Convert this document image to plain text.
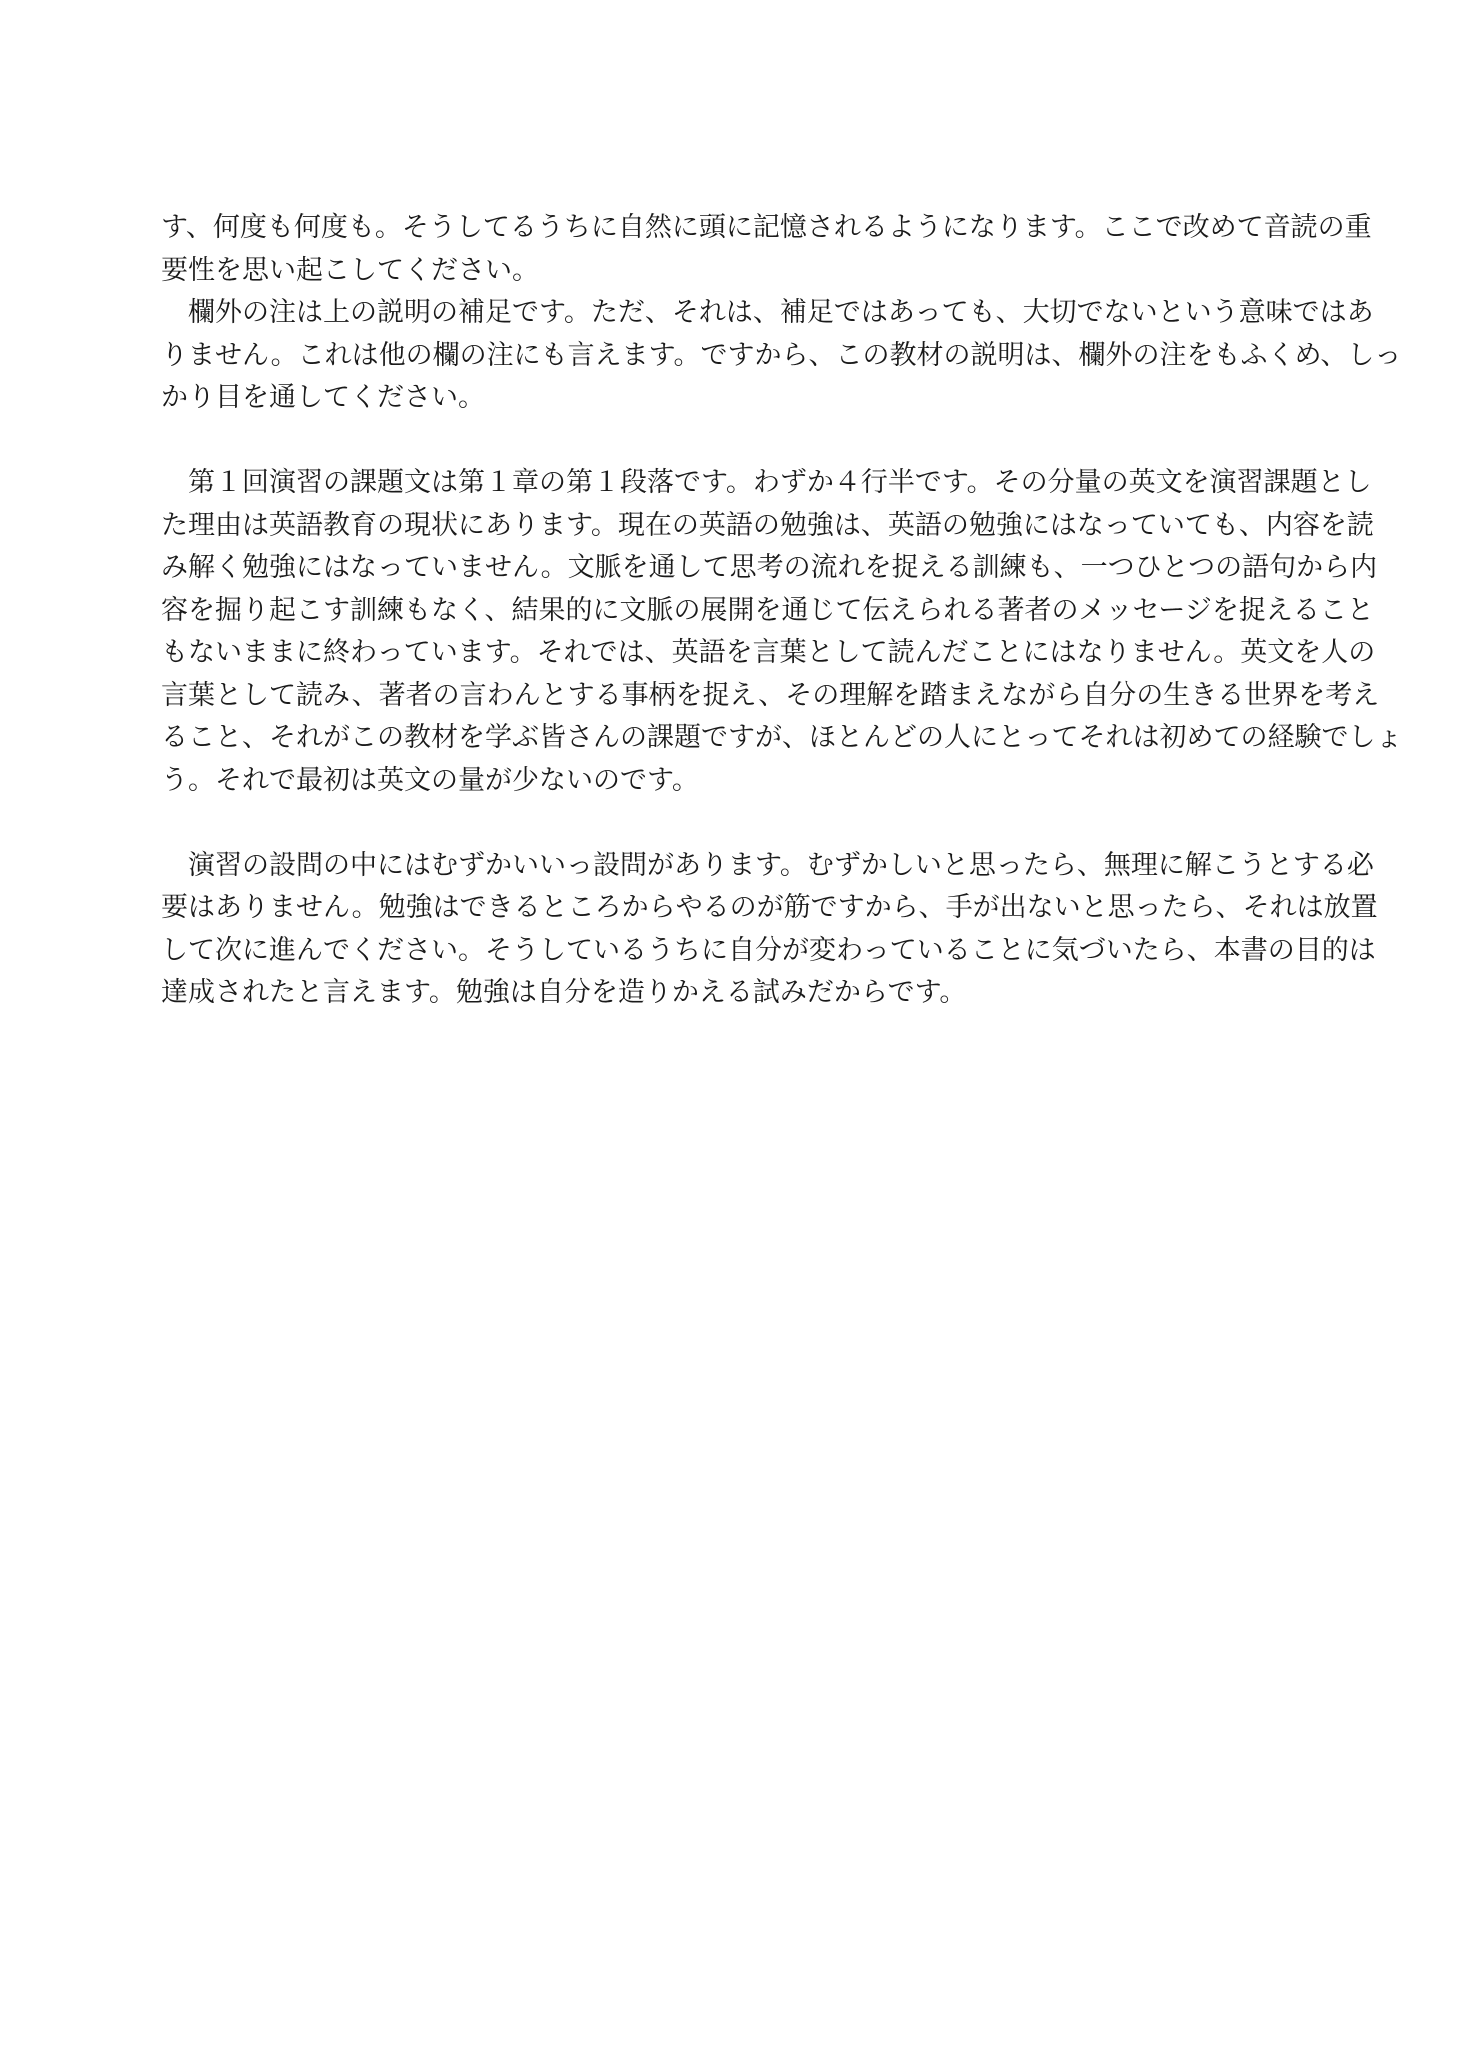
す、何度も何度も。そうしてるうちに自然に頭に記憶されるようになります。ここで改めて音読の重
要性を思い起こしてください。
　欄外の注は上の説明の補足です。ただ、それは、補足ではあっても、大切でないという意味ではあ
りません。これは他の欄の注にも言えます。ですから、この教材の説明は、欄外の注をもふくめ、しっ
かり目を通してください。
　第１回演習の課題文は第１章の第１段落です。わずか４行半です。その分量の英文を演習課題とし
た理由は英語教育の現状にあります。現在の英語の勉強は、英語の勉強にはなっていても、内容を読
み解く勉強にはなっていません。文脈を通して思考の流れを捉える訓練も、一つひとつの語句から内
容を掘り起こす訓練もなく、結果的に文脈の展開を通じて伝えられる著者のメッセージを捉えること
もないままに終わっています。それでは、英語を言葉として読んだことにはなりません。英文を人の
言葉として読み、著者の言わんとする事柄を捉え、その理解を踏まえながら自分の生きる世界を考え
ること、それがこの教材を学ぶ皆さんの課題ですが、ほとんどの人にとってそれは初めての経験でしょ
う。それで最初は英文の量が少ないのです。
　演習の設問の中にはむずかいいっ設問があります。むずかしいと思ったら、無理に解こうとする必
要はありません。勉強はできるところからやるのが筋ですから、手が出ないと思ったら、それは放置
して次に進んでください。そうしているうちに自分が変わっていることに気づいたら、本書の目的は
達成されたと言えます。勉強は自分を造りかえる試みだからです。
